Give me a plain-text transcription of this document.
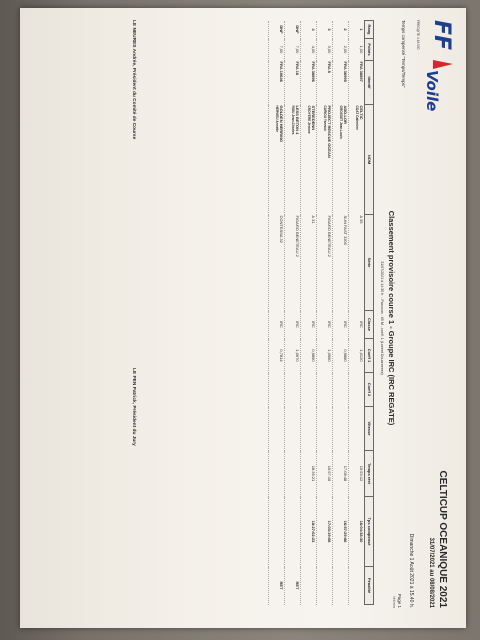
FF
Voile
FREG@TE 4.18.000
CELTICUP OCEANIQUE 2021
31/07/2021 au 08/08/2021
Dimanche 1 Août 2021 à 15.40 h.
Page 1
hhi/mm
Classement provisoire course 1 - Groupe IRC (IRC REGATE)
31/07/2021 à 14:35 h. - Parcours : 65 M - coeff. 1 (Lorient Douarnenez)
Temps compensé "Temps/Temps"
Rang	Points	Identif	NOM	Série	Classe	Coeff 1	Coeff 2	Vitesse	Temps réel	Tps compensé	Pénalité
1	1,00	FRA 38897	CELTIC
COAT Catherine	A 35	IRC	1,0120			15:53:12	16:04:38:30	
2	2,00	FRA 36995	ADD-LOR
GROSSET Jean-Louis	SUN FAST 3200	IRC	0,9880			17:08:48	16:57:29:86	
3	3,00	FRA 8	PROJECT RESCUE OCEAN
CARIOU Yannick	FIGARO BENETEAU 2	IRC	1,0660			15:57:16	17:03:19:08	
4	4,00	FRA 38896	STEREDENN
CROYERE Jérome	A 31	IRC	0,9860			18:39:21	18:27:02:23	
DNF	7,00	FRA 18	LESS BETON 4
RIOU Jean-Charles	FIGARO BENETEAU 2	IRC	1,0670					RET
DNF	7,00	FRA 10646	GOLDEN HERRING
HERVIEU Armelle	CONTESSA 32	IRC	0,7814					RET
LE NEURES Andrée, Président du Comité de Course
LE PEN Patrick, Président du Jury
